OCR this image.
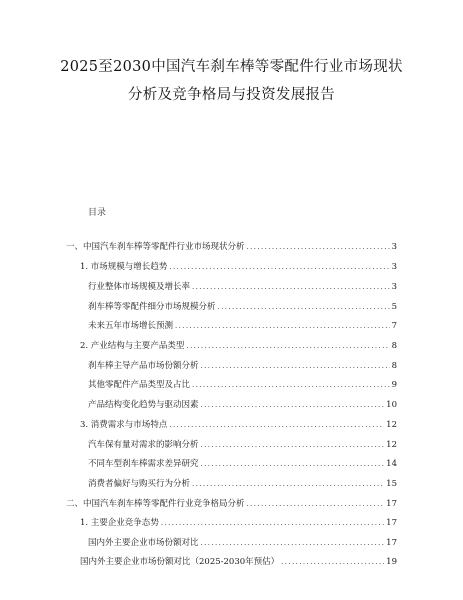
2025至2030中国汽车刹车棒等零配件行业市场现状
分析及竞争格局与投资发展报告
目录
一、中国汽车刹车棒等零配件行业市场现状分析 .....	3
1. 市场规模与增长趋势 .....	3
行业整体市场规模及增长率 .....	3
刹车棒等零配件细分市场规模分析 .....	5
未来五年市场增长预测 .....	7
2. 产业结构与主要产品类型 .....	8
刹车棒主导产品市场份额分析 .....	8
其他零配件产品类型及占比 .....	9
产品结构变化趋势与驱动因素 .....	10
3. 消费需求与市场特点 .....	12
汽车保有量对需求的影响分析 .....	12
不同车型刹车棒需求差异研究 .....	14
消费者偏好与购买行为分析 .....	15
二、中国汽车刹车棒等零配件行业竞争格局分析 .....	17
1. 主要企业竞争态势 .....	17
国内外主要企业市场份额对比 .....	17
国内外主要企业市场份额对比（2025-2030年预估） .....	19
